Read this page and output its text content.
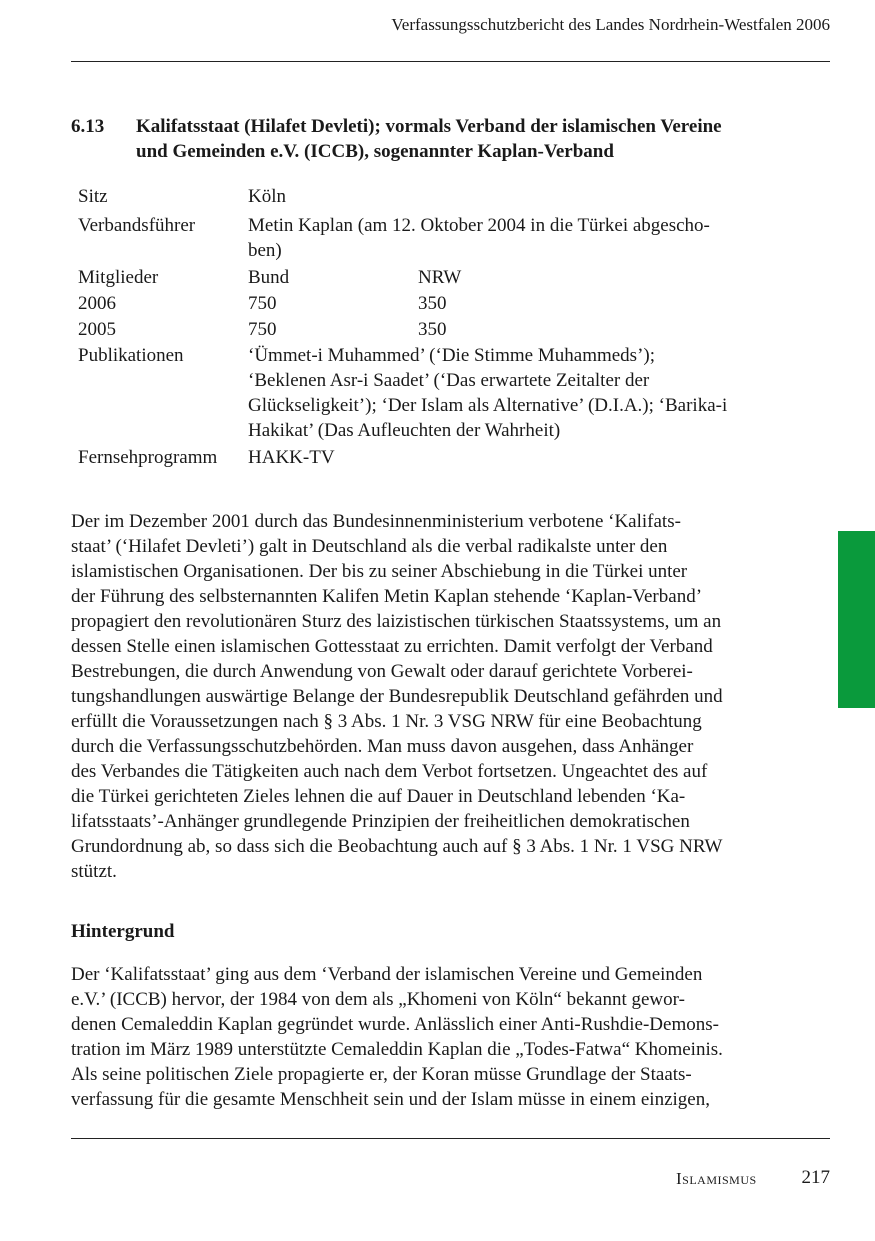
Verfassungsschutzbericht des Landes Nordrhein-Westfalen 2006
6.13 Kalifatsstaat (Hilafet Devleti); vormals Verband der islamischen Vereine
und Gemeinden e.V. (ICCB), sogenannter Kaplan-Verband
Sitz	Köln
Verbandsführer	Metin Kaplan (am 12. Oktober 2004 in die Türkei abgescho-
ben)
Mitglieder	Bund	NRW
2006	750	350
2005	750	350
Publikationen	‘Ümmet-i Muhammed’ (‘Die Stimme Muhammeds’);
‘Beklenen Asr-i Saadet’ (‘Das erwartete Zeitalter der
Glückseligkeit’); ‘Der Islam als Alternative’ (D.I.A.); ‘Barika-i
Hakikat’ (Das Aufleuchten der Wahrheit)
Fernsehprogramm HAKK-TV
Der im Dezember 2001 durch das Bundesinnenministerium verbotene ‘Kalifats-
staat’ (‘Hilafet Devleti’) galt in Deutschland als die verbal radikalste unter den
islamistischen Organisationen. Der bis zu seiner Abschiebung in die Türkei unter
der Führung des selbsternannten Kalifen Metin Kaplan stehende ‘Kaplan-Verband’
propagiert den revolutionären Sturz des laizistischen türkischen Staatssystems, um an
dessen Stelle einen islamischen Gottesstaat zu errichten. Damit verfolgt der Verband
Bestrebungen, die durch Anwendung von Gewalt oder darauf gerichtete Vorberei-
tungshandlungen auswärtige Belange der Bundesrepublik Deutschland gefährden und
erfüllt die Voraussetzungen nach § 3 Abs. 1 Nr. 3 VSG NRW für eine Beobachtung
durch die Verfassungsschutzbehörden. Man muss davon ausgehen, dass Anhänger
des Verbandes die Tätigkeiten auch nach dem Verbot fortsetzen. Ungeachtet des auf
die Türkei gerichteten Zieles lehnen die auf Dauer in Deutschland lebenden ‘Ka-
lifatsstaats’-Anhänger grundlegende Prinzipien der freiheitlichen demokratischen
Grundordnung ab, so dass sich die Beobachtung auch auf § 3 Abs. 1 Nr. 1 VSG NRW
stützt.
Hintergrund
Der ‘Kalifatsstaat’ ging aus dem ‘Verband der islamischen Vereine und Gemeinden
e.V.’ (ICCB) hervor, der 1984 von dem als „Khomeni von Köln“ bekannt gewor-
denen Cemaleddin Kaplan gegründet wurde. Anlässlich einer Anti-Rushdie-Demons-
tration im März 1989 unterstützte Cemaleddin Kaplan die „Todes-Fatwa“ Khomeinis.
Als seine politischen Ziele propagierte er, der Koran müsse Grundlage der Staats-
verfassung für die gesamte Menschheit sein und der Islam müsse in einem einzigen,
Islamismus 217
